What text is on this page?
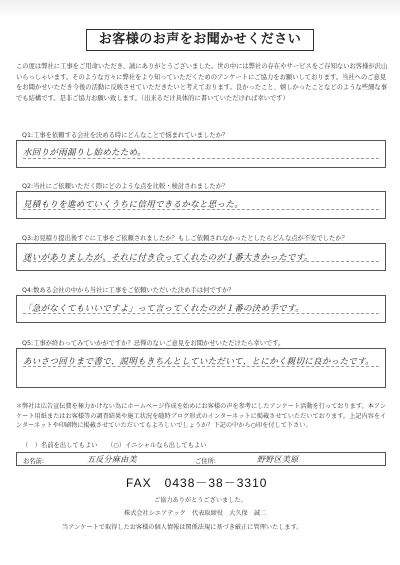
お客様のお声をお聞かせください
この度は弊社に工事をご用命いただき、誠にありがとうございました。世の中には弊社の存在やサービスをご存知ないお客様が沢山いらっしゃいます。そのような方々に弊社をより知っていただくためのアンケートにご協力をお願いしております。当社へのご意見をお聞かせいただき今後の活動に反映させていただきたいと考えております。良かったこと、嬉しかったことなどのような些細な事でも結構です。是非ご協力お願い致します。（出来るだけ具体的に書いていただければ幸いです）
Q1:工事を依頼する会社を決める時にどんなことで悩まれていましたか？
水回りが雨漏りし始めたため。
Q2:当社にご依頼いただく際にどのような点を比較・検討されましたか？
見積もりを進めていくうちに信用できるかなと思った。
Q3:お見積り提出後すぐに工事をご依頼されましたか？もしご依頼されなかったとしたらどんな点が不安でしたか？
迷いがありましたが、それに付き合ってくれたのが１番大きかったです。
Q4:数ある会社の中から当社に工事をご依頼いただいた決め手は何ですか？
「急がなくてもいいですよ」って言ってくれたのが１番の決め手です。
Q5:工事が終わってみていかがですか？忌憚のないご意見をお聞かせいただけたら幸いです。
あいさつ回りまで書で、説明もきちんとしていただいて、とにかく親切に良かったです。
＊弊社は広告宣伝費を極力かけない為にホームページ作成を始めにお客様の声を参考にしたアンケート活動を行っております。本アンケート用紙またはお客様等の調査結果や施工状況を随時ブログ形式のインターネットに掲載させていただいております。上記内容をインターネットや印刷物に掲載させていただいてもよろしいでしょうか？下記の中から○印を付して下さい。
（　）名前を出してもよい　　（○）イニシャルなら出してもよい
お名前:	五反分麻由美	ご住所:	野野区美原
FAX　0438－38－3310
ご協力ありがとうございました。
株式会社シエアテック　代表取締役　大久保　誠二
当アンケートで取得したお客様の個人情報は関係法規に基づき厳正に管理いたします。
